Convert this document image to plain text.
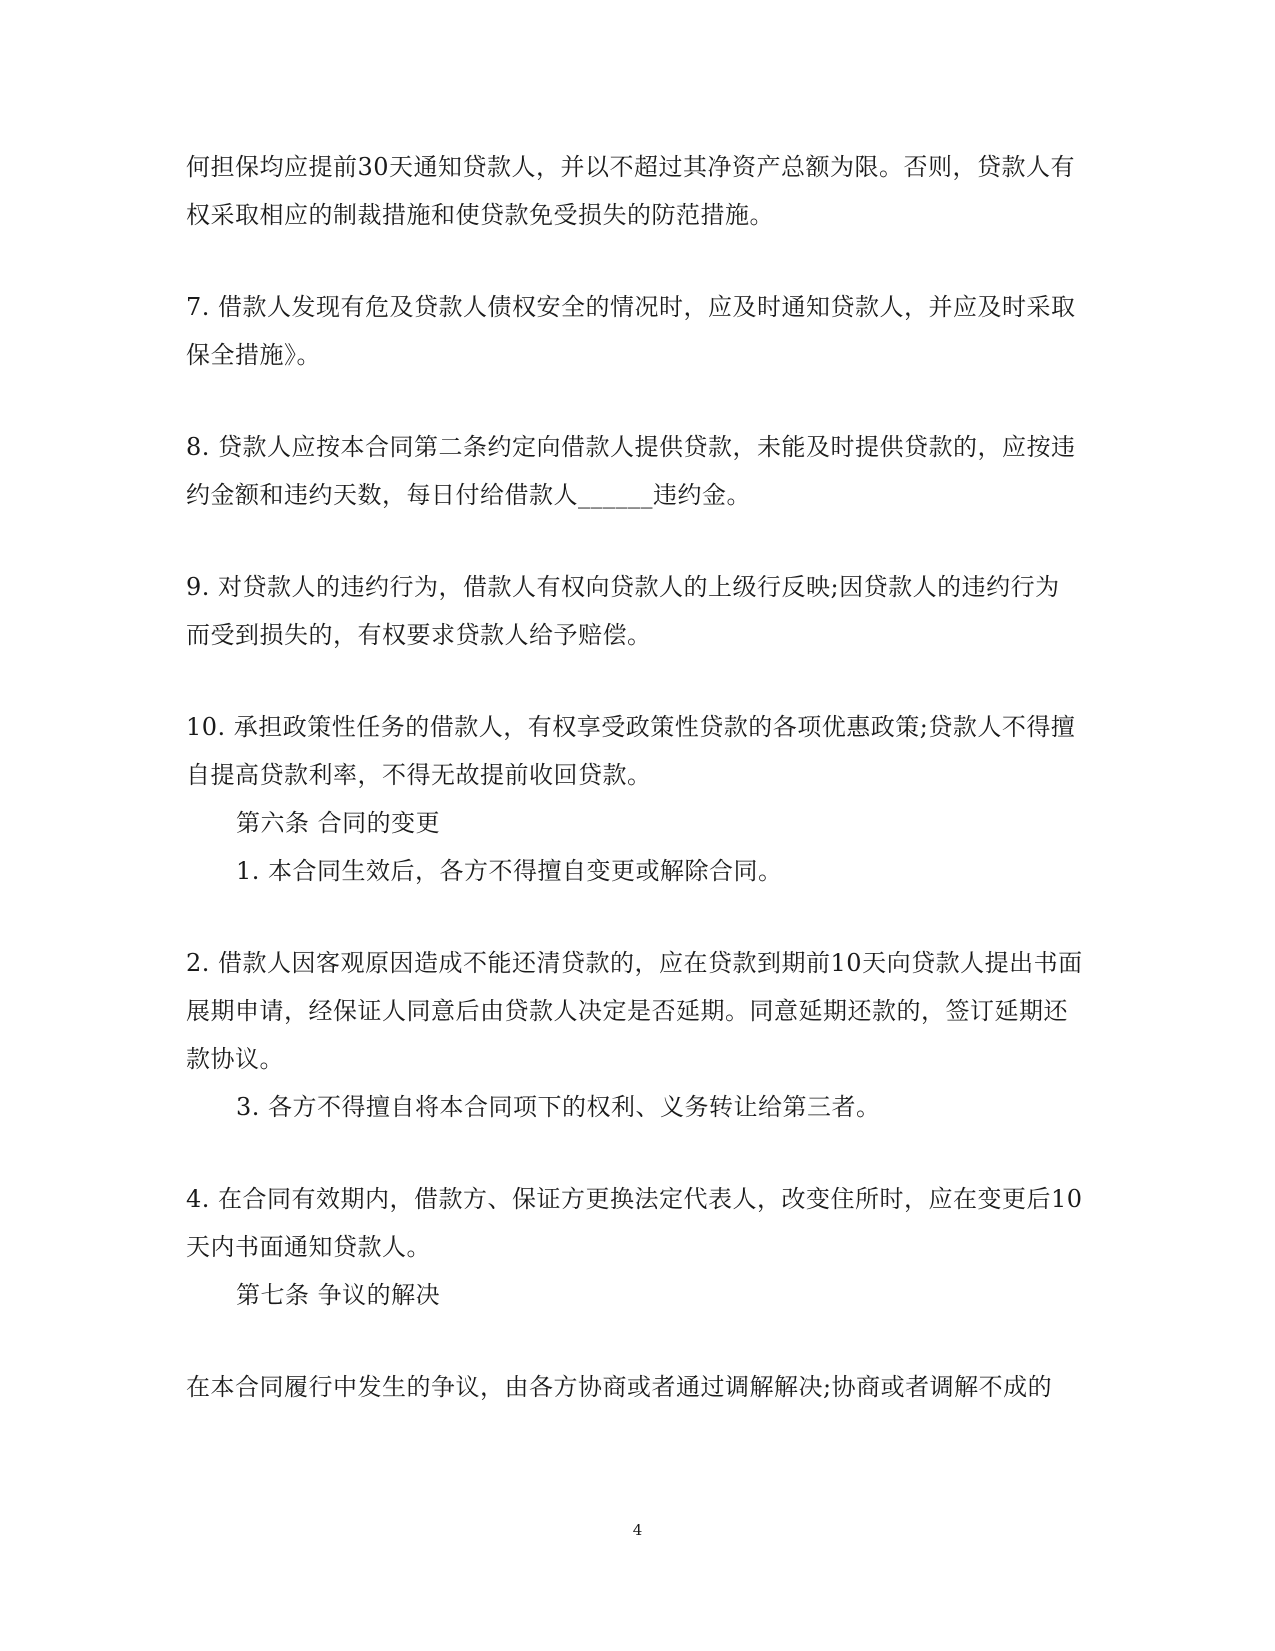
何担保均应提前30天通知贷款人，并以不超过其净资产总额为限。否则，贷款人有
权采取相应的制裁措施和使贷款免受损失的防范措施。
7. 借款人发现有危及贷款人债权安全的情况时，应及时通知贷款人，并应及时采取
保全措施》。
8. 贷款人应按本合同第二条约定向借款人提供贷款，未能及时提供贷款的，应按违
约金额和违约天数，每日付给借款人______违约金。
9. 对贷款人的违约行为，借款人有权向贷款人的上级行反映;因贷款人的违约行为
而受到损失的，有权要求贷款人给予赔偿。
10. 承担政策性任务的借款人，有权享受政策性贷款的各项优惠政策;贷款人不得擅
自提高贷款利率，不得无故提前收回贷款。
第六条 合同的变更
1. 本合同生效后，各方不得擅自变更或解除合同。
2. 借款人因客观原因造成不能还清贷款的，应在贷款到期前10天向贷款人提出书面
展期申请，经保证人同意后由贷款人决定是否延期。同意延期还款的，签订延期还
款协议。
3. 各方不得擅自将本合同项下的权利、义务转让给第三者。
4. 在合同有效期内，借款方、保证方更换法定代表人，改变住所时，应在变更后10
天内书面通知贷款人。
第七条 争议的解决
在本合同履行中发生的争议，由各方协商或者通过调解解决;协商或者调解不成的
4
